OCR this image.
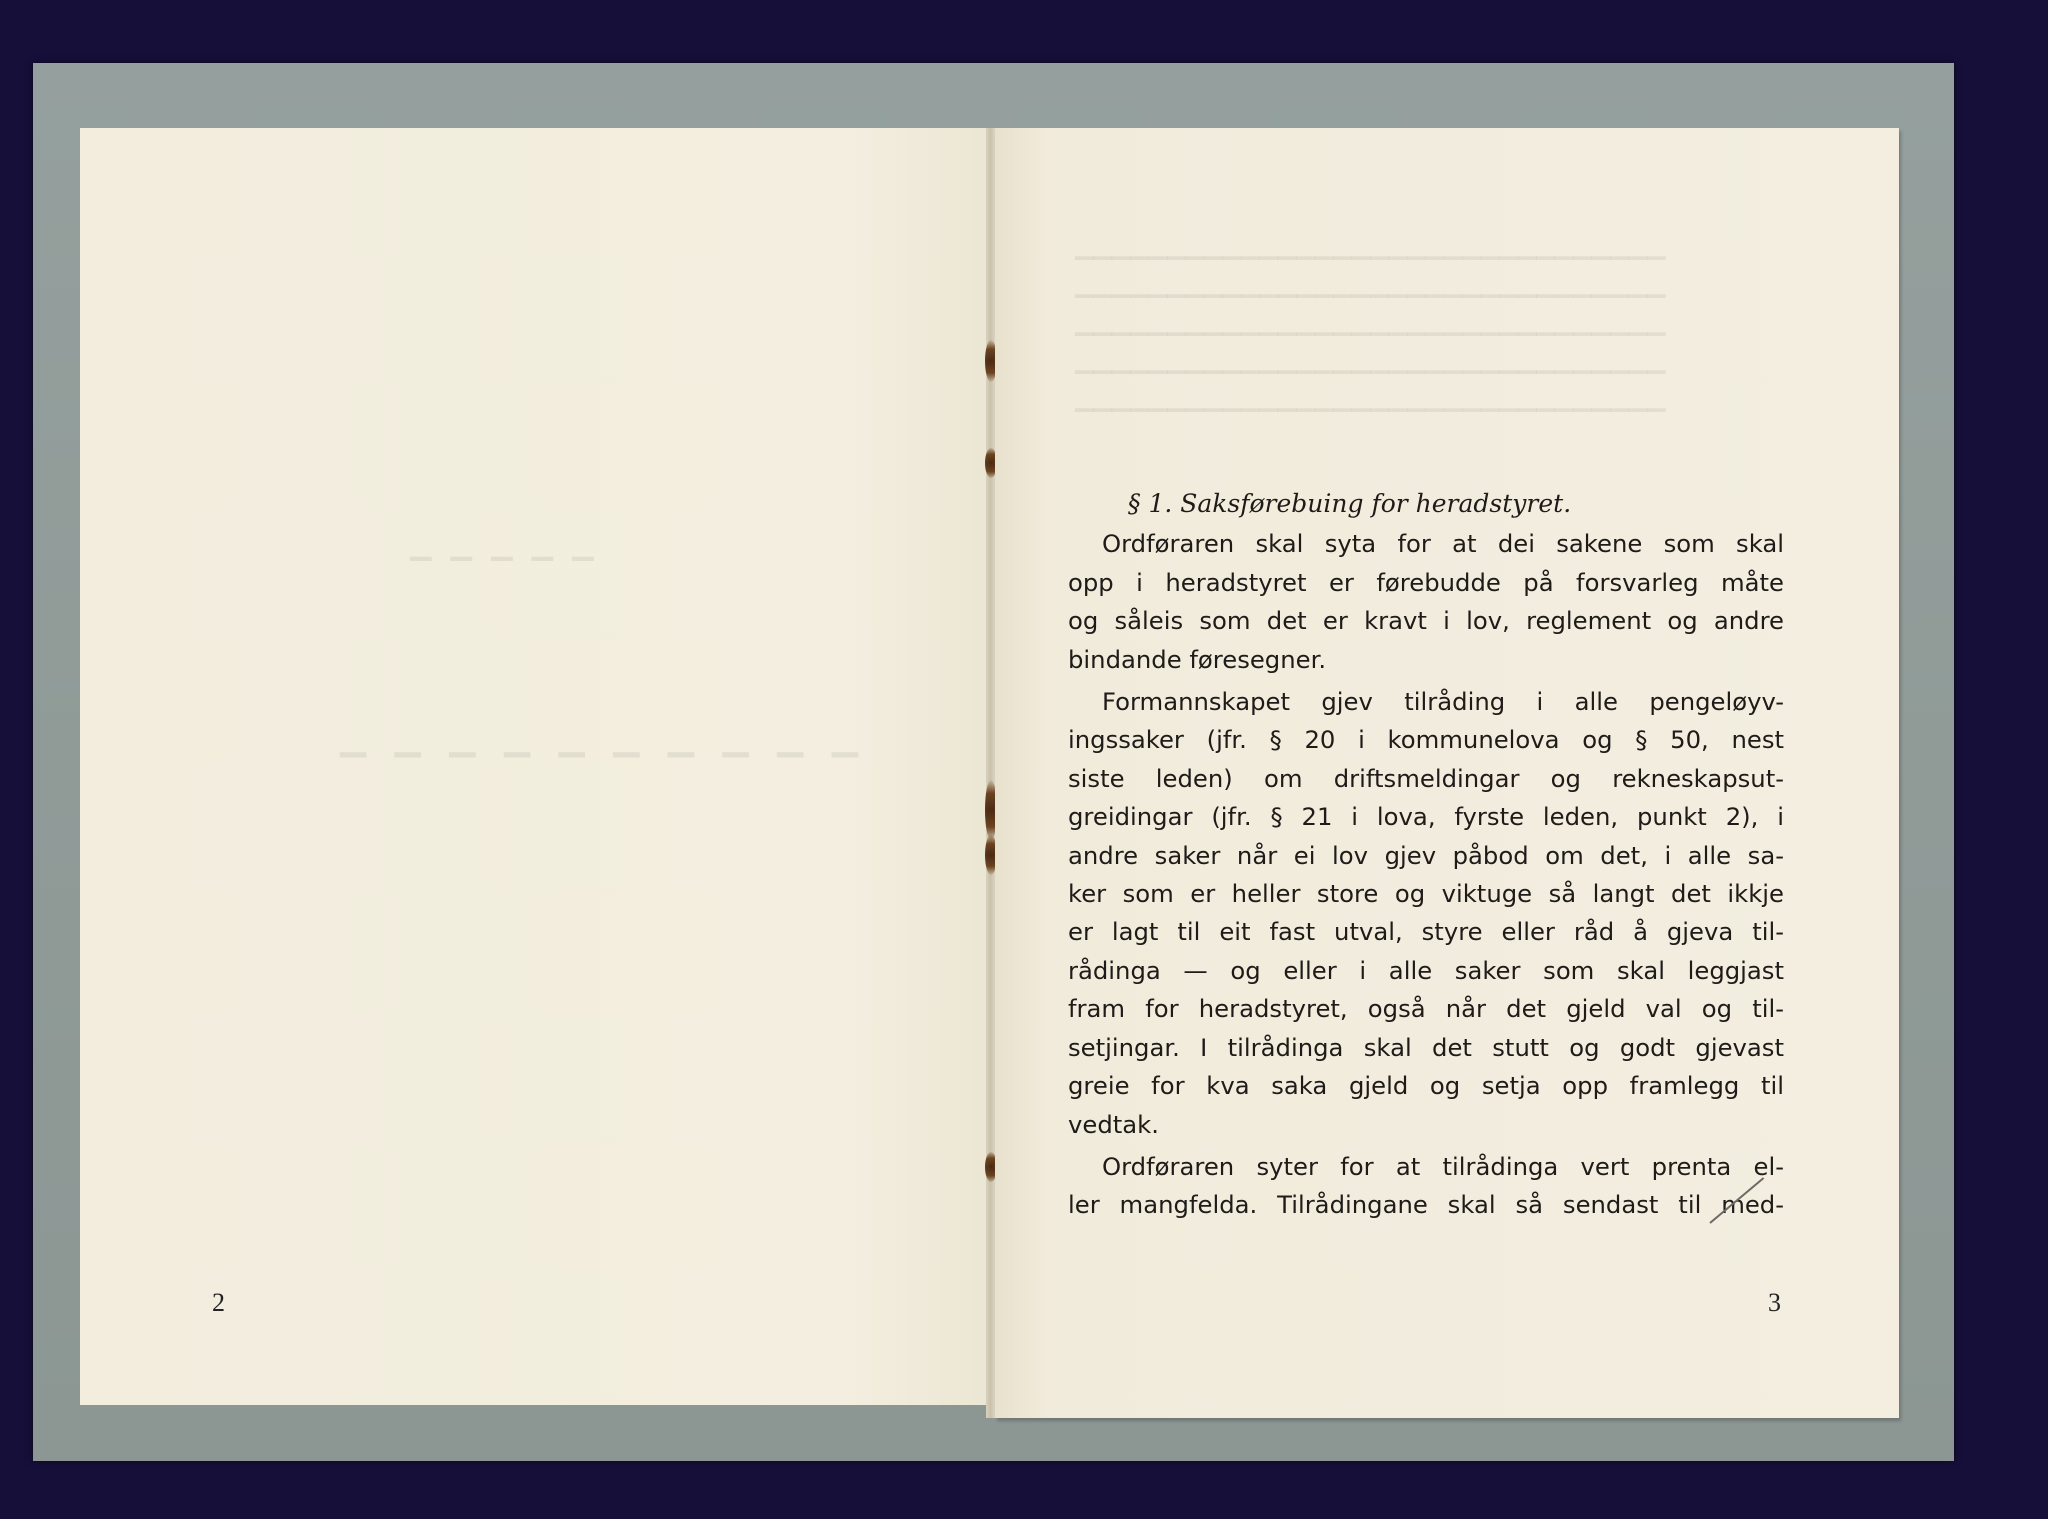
▁ ▁ ▁ ▁ ▁
▁ ▁ ▁ ▁ ▁ ▁ ▁ ▁ ▁ ▁
2
▁▁▁▁▁▁▁▁▁▁▁▁▁▁▁▁▁▁▁▁▁▁▁▁▁▁▁▁▁▁▁▁
▁▁▁▁▁▁▁▁▁▁▁▁▁▁▁▁▁▁▁▁▁▁▁▁▁▁▁▁▁▁▁▁
▁▁▁▁▁▁▁▁▁▁▁▁▁▁▁▁▁▁▁▁▁▁▁▁▁▁▁▁▁▁▁▁
▁▁▁▁▁▁▁▁▁▁▁▁▁▁▁▁▁▁▁▁▁▁▁▁▁▁▁▁▁▁▁▁
▁▁▁▁▁▁▁▁▁▁▁▁▁▁▁▁▁▁▁▁▁▁▁▁▁▁▁▁▁▁▁▁
§ 1. Saksførebuing for heradstyret.
Ordføraren skal syta for at dei sakene som skal
opp i heradstyret er førebudde på forsvarleg måte
og såleis som det er kravt i lov, reglement og andre
bindande føresegner.
Formannskapet gjev tilråding i alle pengeløyv-
ingssaker (jfr. § 20 i kommunelova og § 50, nest
siste leden) om driftsmeldingar og rekneskapsut-
greidingar (jfr. § 21 i lova, fyrste leden, punkt 2), i
andre saker når ei lov gjev påbod om det, i alle sa-
ker som er heller store og viktuge så langt det ikkje
er lagt til eit fast utval, styre eller råd å gjeva til-
rådinga — og eller i alle saker som skal leggjast
fram for heradstyret, også når det gjeld val og til-
setjingar. I tilrådinga skal det stutt og godt gjevast
greie for kva saka gjeld og setja opp framlegg til
vedtak.
Ordføraren syter for at tilrådinga vert prenta el-
ler mangfelda. Tilrådingane skal så sendast til med-
3
